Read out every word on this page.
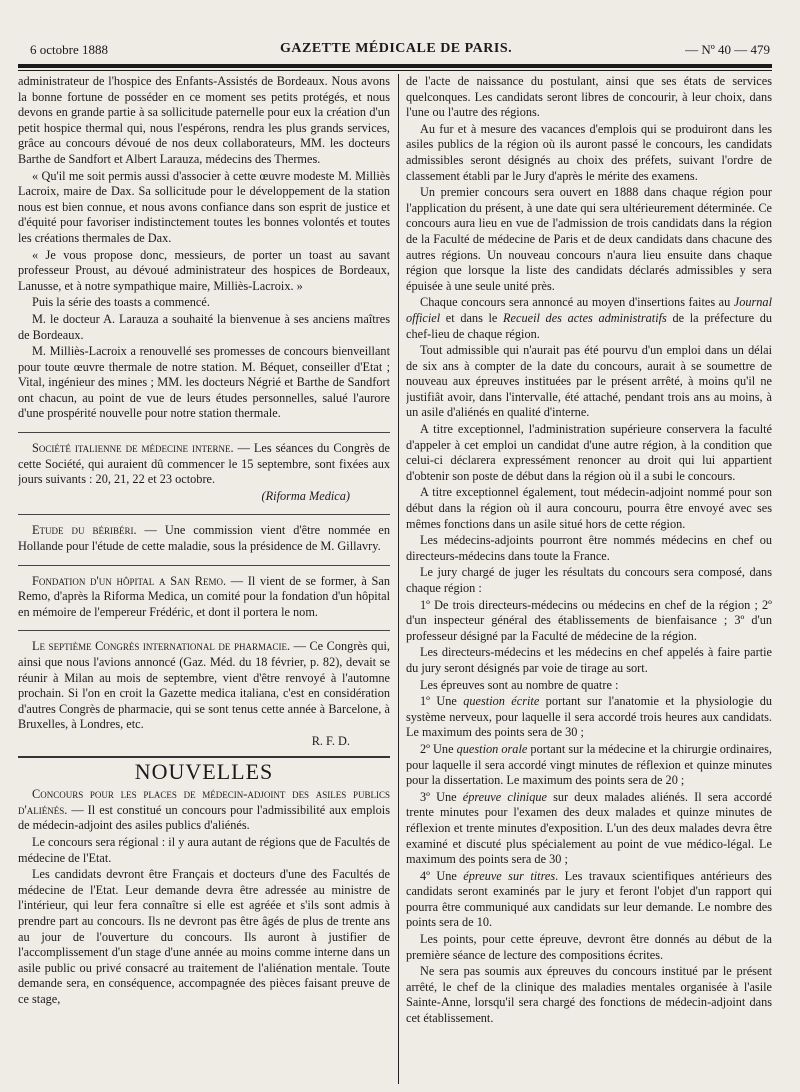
6 octobre 1888	GAZETTE MÉDICALE DE PARIS.	— Nº 40 — 479

administrateur de l'hospice des Enfants-Assistés de Bordeaux. Nous avons la bonne fortune de posséder en ce moment ses petits protégés, et nous devons en grande partie à sa sollicitude paternelle pour eux la création d'un petit hospice thermal qui, nous l'espérons, rendra les plus grands services, grâce au concours dévoué de nos deux collaborateurs, MM. les docteurs Barthe de Sandfort et Albert Larauza, médecins des Thermes.

« Qu'il me soit permis aussi d'associer à cette œuvre modeste M. Milliès Lacroix, maire de Dax. Sa sollicitude pour le développement de la station nous est bien connue, et nous avons confiance dans son esprit de justice et d'équité pour favoriser indistinctement toutes les bonnes volontés et toutes les créations thermales de Dax.

« Je vous propose donc, messieurs, de porter un toast au savant professeur Proust, au dévoué administrateur des hospices de Bordeaux, Lanusse, et à notre sympathique maire, Milliès-Lacroix. »

Puis la série des toasts a commencé.

M. le docteur A. Larauza a souhaité la bienvenue à ses anciens maîtres de Bordeaux.

M. Milliès-Lacroix a renouvellé ses promesses de concours bienveillant pour toute œuvre thermale de notre station. M. Béquet, conseiller d'Etat ; Vital, ingénieur des mines ; MM. les docteurs Négrié et Barthe de Sandfort ont chacun, au point de vue de leurs études personnelles, salué l'aurore d'une prospérité nouvelle pour notre station thermale.

Société italienne de médecine interne. — Les séances du Congrès de cette Société, qui auraient dû commencer le 15 septembre, sont fixées aux jours suivants : 20, 21, 22 et 23 octobre.

(Riforma Medica)

Etude du béribéri. — Une commission vient d'être nommée en Hollande pour l'étude de cette maladie, sous la présidence de M. Gillavry.

Fondation d'un hôpital a San Remo. — Il vient de se former, à San Remo, d'après la Riforma Medica, un comité pour la fondation d'un hôpital en mémoire de l'empereur Frédéric, et dont il portera le nom.

Le septième Congrès international de pharmacie. — Ce Congrès qui, ainsi que nous l'avions annoncé (Gaz. Méd. du 18 février, p. 82), devait se réunir à Milan au mois de septembre, vient d'être renvoyé à l'automne prochain. Si l'on en croit la Gazette medica italiana, c'est en considération d'autres Congrès de pharmacie, qui se sont tenus cette année à Barcelone, à Bruxelles, à Londres, etc.

R. F. D.

NOUVELLES

Concours pour les places de médecin-adjoint des asiles publics d'aliénés. — Il est constitué un concours pour l'admissibilité aux emplois de médecin-adjoint des asiles publics d'aliénés.

Le concours sera régional : il y aura autant de régions que de Facultés de médecine de l'Etat.

Les candidats devront être Français et docteurs d'une des Facultés de médecine de l'Etat. Leur demande devra être adressée au ministre de l'intérieur, qui leur fera connaître si elle est agréée et s'ils sont admis à prendre part au concours. Ils ne devront pas être âgés de plus de trente ans au jour de l'ouverture du concours. Ils auront à justifier de l'accomplissement d'un stage d'une année au moins comme interne dans un asile public ou privé consacré au traitement de l'aliénation mentale. Toute demande sera, en conséquence, accompagnée des pièces faisant preuve de ce stage,

de l'acte de naissance du postulant, ainsi que ses états de services quelconques. Les candidats seront libres de concourir, à leur choix, dans l'une ou l'autre des régions.

Au fur et à mesure des vacances d'emplois qui se produiront dans les asiles publics de la région où ils auront passé le concours, les candidats admissibles seront désignés au choix des préfets, suivant l'ordre de classement établi par le Jury d'après le mérite des examens.

Un premier concours sera ouvert en 1888 dans chaque région pour l'application du présent, à une date qui sera ultérieurement déterminée. Ce concours aura lieu en vue de l'admission de trois candidats dans la région de la Faculté de médecine de Paris et de deux candidats dans chacune des autres régions. Un nouveau concours n'aura lieu ensuite dans chaque région que lorsque la liste des candidats déclarés admissibles y sera épuisée à une seule unité près.

Chaque concours sera annoncé au moyen d'insertions faites au Journal officiel et dans le Recueil des actes administratifs de la préfecture du chef-lieu de chaque région.

Tout admissible qui n'aurait pas été pourvu d'un emploi dans un délai de six ans à compter de la date du concours, aurait à se soumettre de nouveau aux épreuves instituées par le présent arrêté, à moins qu'il ne justifiât avoir, dans l'intervalle, été attaché, pendant trois ans au moins, à un asile d'aliénés en qualité d'interne.

A titre exceptionnel, l'administration supérieure conservera la faculté d'appeler à cet emploi un candidat d'une autre région, à la condition que celui-ci déclarera expressément renoncer au droit qui lui appartient d'obtenir son poste de début dans la région où il a subi le concours.

A titre exceptionnel également, tout médecin-adjoint nommé pour son début dans la région où il aura concouru, pourra être envoyé avec ses mêmes fonctions dans un asile situé hors de cette région.

Les médecins-adjoints pourront être nommés médecins en chef ou directeurs-médecins dans toute la France.

Le jury chargé de juger les résultats du concours sera composé, dans chaque région :

1º De trois directeurs-médecins ou médecins en chef de la région ; 2º d'un inspecteur général des établissements de bienfaisance ; 3º d'un professeur désigné par la Faculté de médecine de la région.

Les directeurs-médecins et les médecins en chef appelés à faire partie du jury seront désignés par voie de tirage au sort.

Les épreuves sont au nombre de quatre :

1º Une question écrite portant sur l'anatomie et la physiologie du système nerveux, pour laquelle il sera accordé trois heures aux candidats. Le maximum des points sera de 30 ;

2º Une question orale portant sur la médecine et la chirurgie ordinaires, pour laquelle il sera accordé vingt minutes de réflexion et quinze minutes pour la dissertation. Le maximum des points sera de 20 ;

3º Une épreuve clinique sur deux malades aliénés. Il sera accordé trente minutes pour l'examen des deux malades et quinze minutes de réflexion et trente minutes d'exposition. L'un des deux malades devra être examiné et discuté plus spécialement au point de vue médico-légal. Le maximum des points sera de 30 ;

4º Une épreuve sur titres. Les travaux scientifiques antérieurs des candidats seront examinés par le jury et feront l'objet d'un rapport qui pourra être communiqué aux candidats sur leur demande. Le nombre des points sera de 10.

Les points, pour cette épreuve, devront être donnés au début de la première séance de lecture des compositions écrites.

Ne sera pas soumis aux épreuves du concours institué par le présent arrêté, le chef de la clinique des maladies mentales organisée à l'asile Sainte-Anne, lorsqu'il sera chargé des fonctions de médecin-adjoint dans cet établissement.
